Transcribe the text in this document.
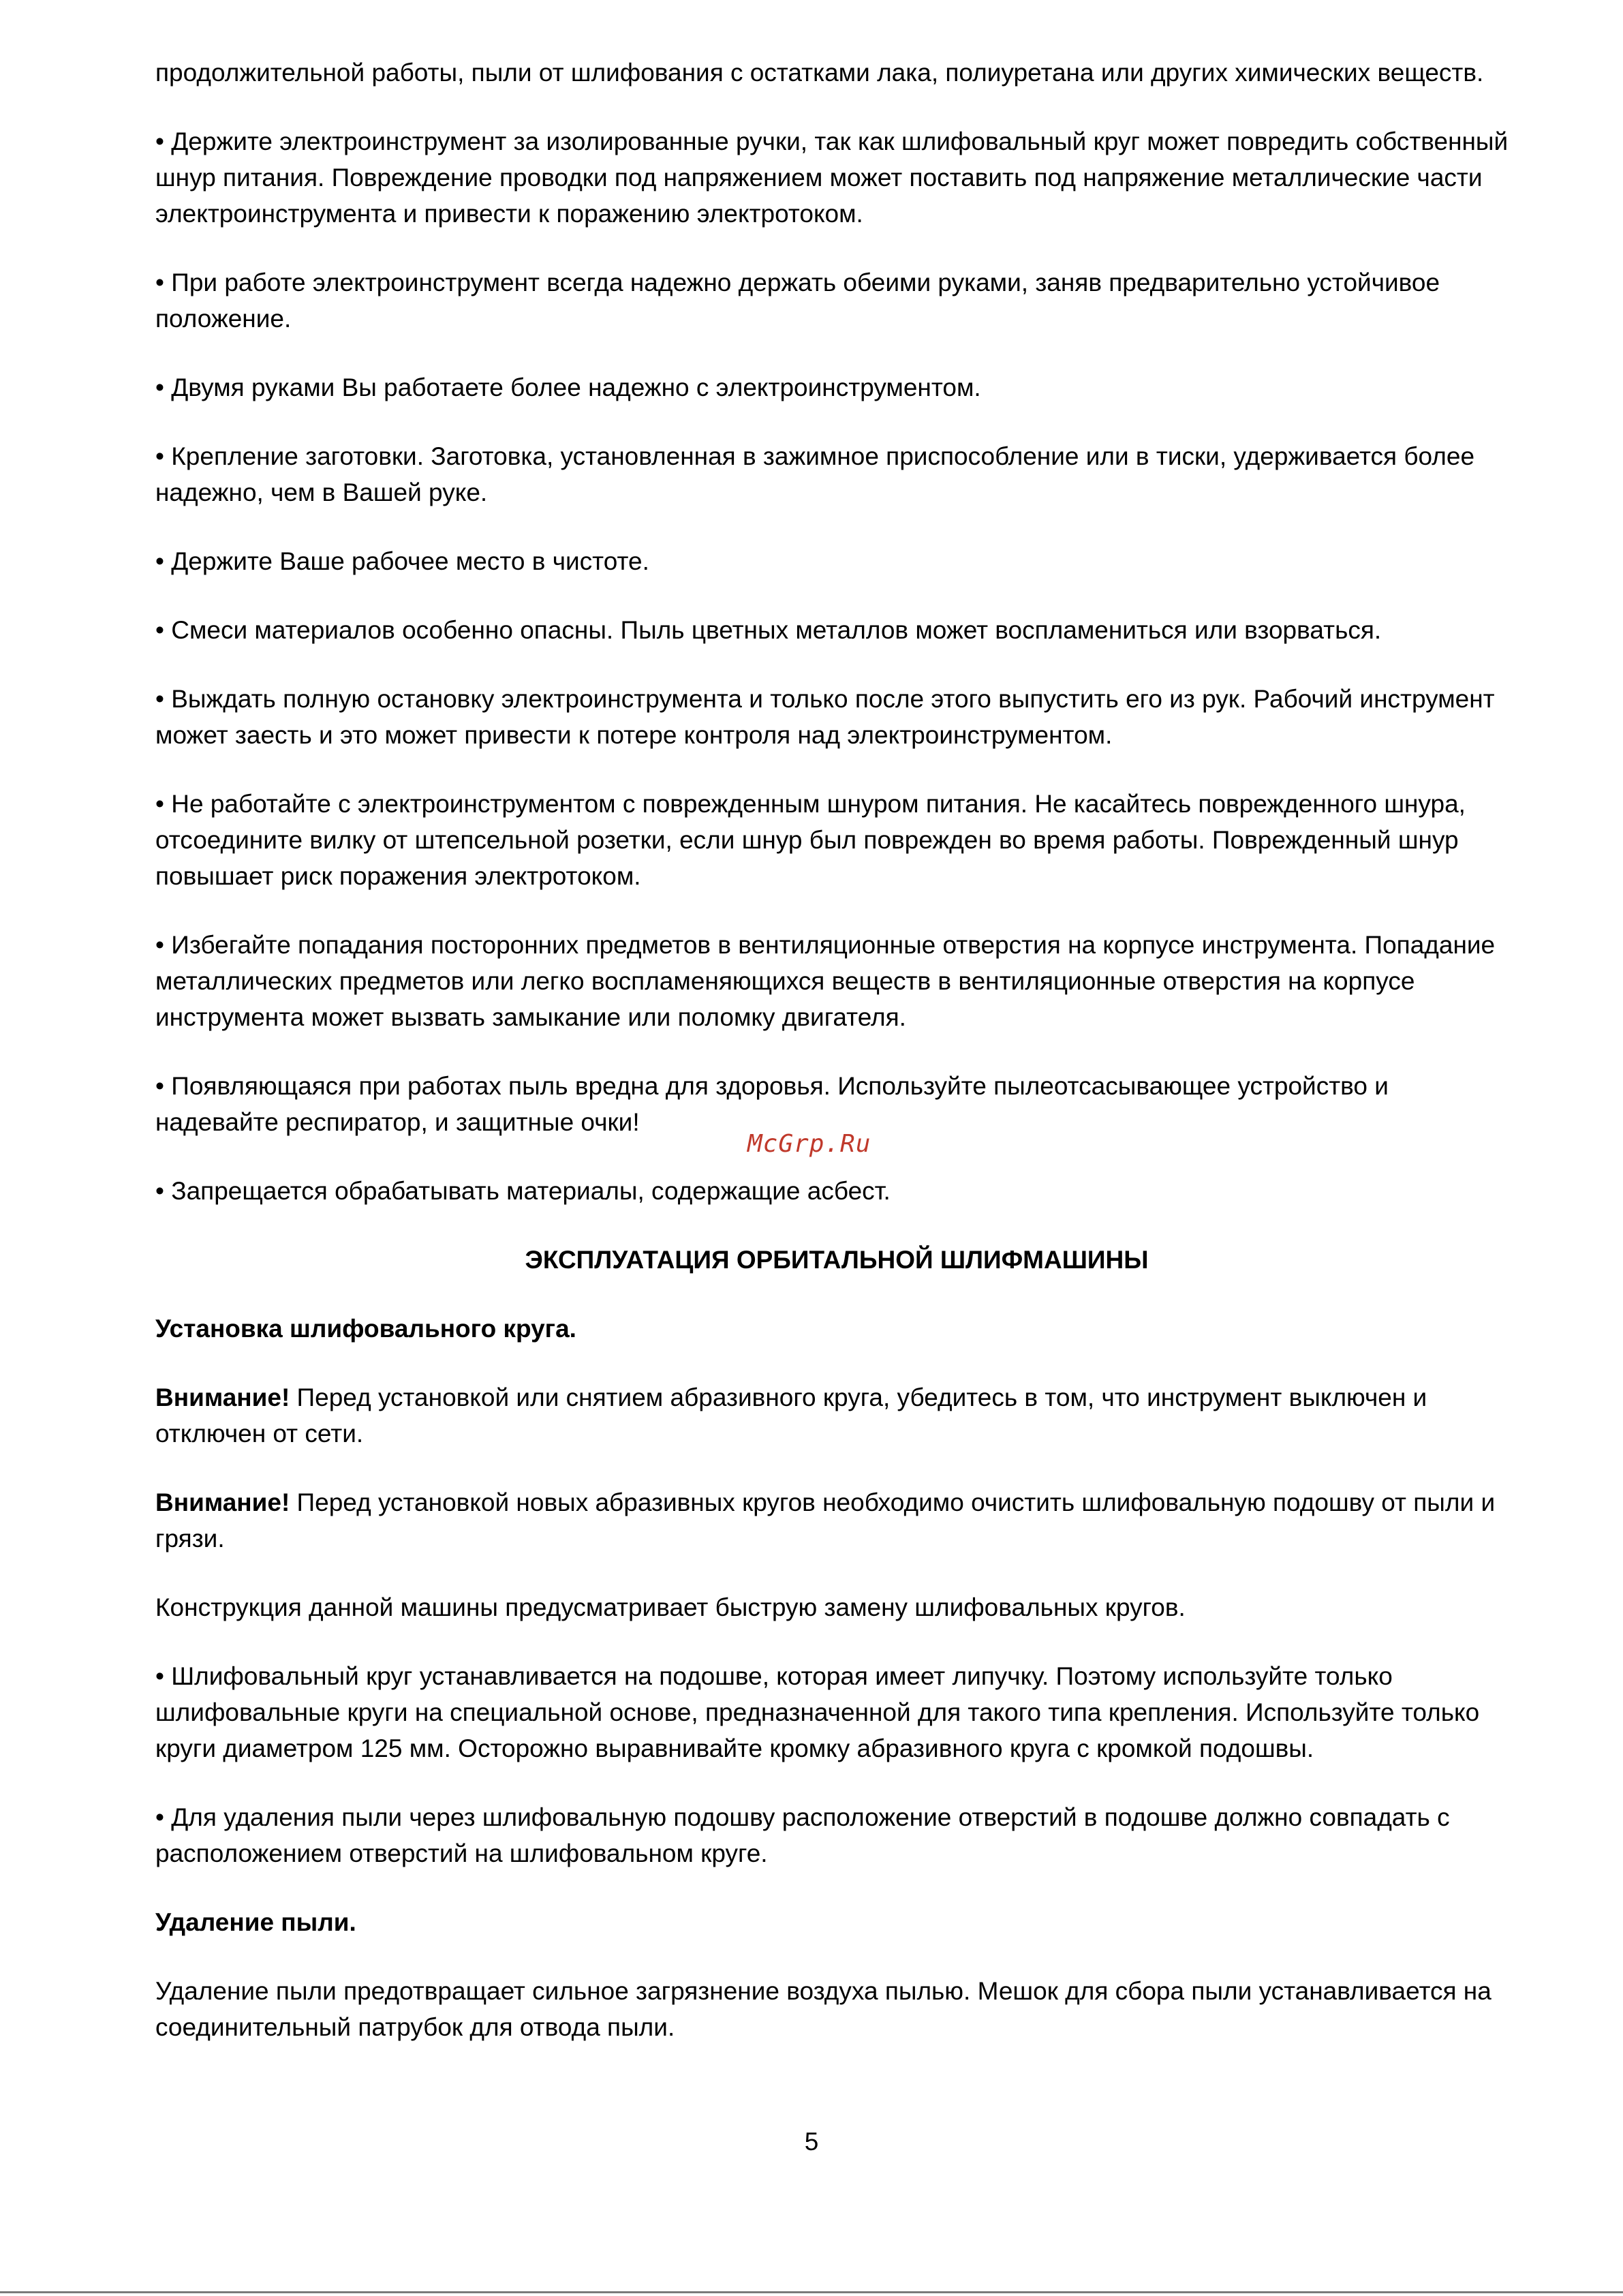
продолжительной работы, пыли от шлифования с остатками лака, полиуретана или других химических веществ.

• Держите электроинструмент за изолированные ручки, так как шлифовальный круг может повредить собственный шнур питания. Повреждение проводки под напряжением может поставить под напряжение металлические части электроинструмента и привести к поражению электротоком.

• При работе электроинструмент всегда надежно держать обеими руками, заняв предварительно устойчивое положение.

• Двумя руками Вы работаете более надежно с электроинструментом.

• Крепление заготовки. Заготовка, установленная в зажимное приспособление или в тиски, удерживается более надежно, чем в Вашей руке.

• Держите Ваше рабочее место в чистоте.

• Смеси материалов особенно опасны. Пыль цветных металлов может воспламениться или взорваться.

• Выждать полную остановку электроинструмента и только после этого выпустить его из рук. Рабочий инструмент может заесть и это может привести к потере контроля над электроинструментом.

• Не работайте с электроинструментом с поврежденным шнуром питания. Не касайтесь поврежденного шнура, отсоедините вилку от штепсельной розетки, если шнур был поврежден во время работы. Поврежденный шнур повышает риск поражения электротоком.

• Избегайте попадания посторонних предметов в вентиляционные отверстия на корпусе инструмента. Попадание металлических предметов или легко воспламеняющихся веществ в вентиляционные отверстия на корпусе инструмента может вызвать замыкание или поломку двигателя.

• Появляющаяся при работах пыль вредна для здоровья. Используйте пылеотсасывающее устройство и надевайте респиратор, и защитные очки!

• Запрещается обрабатывать материалы, содержащие асбест.

ЭКСПЛУАТАЦИЯ ОРБИТАЛЬНОЙ ШЛИФМАШИНЫ

Установка шлифовального круга.

Внимание! Перед установкой или снятием абразивного круга, убедитесь в том, что инструмент выключен и отключен от сети.

Внимание! Перед установкой новых абразивных кругов необходимо очистить шлифовальную подошву от пыли и грязи.

Конструкция данной машины предусматривает быструю замену шлифовальных кругов.

• Шлифовальный круг устанавливается на подошве, которая имеет липучку. Поэтому используйте только шлифовальные круги на специальной основе, предназначенной для такого типа крепления. Используйте только круги диаметром 125 мм. Осторожно выравнивайте кромку абразивного круга с кромкой подошвы.

• Для удаления пыли через шлифовальную подошву расположение отверстий в подошве должно совпадать с расположением отверстий на шлифовальном круге.

Удаление пыли.

Удаление пыли предотвращает сильное загрязнение воздуха пылью. Мешок для сбора пыли устанавливается на соединительный патрубок для отвода пыли.

McGrp.Ru
5
